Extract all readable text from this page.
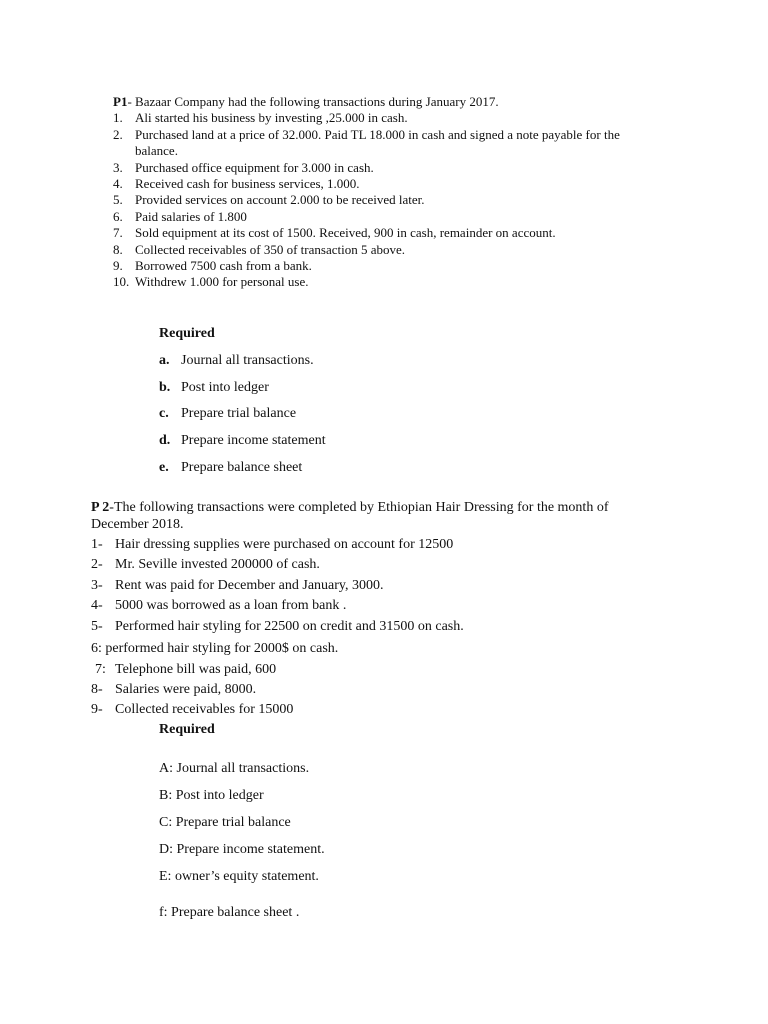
P1- Bazaar Company had the following transactions during January 2017.
1. Ali started his business by investing ,25.000 in cash.
2. Purchased land at a price of 32.000. Paid TL 18.000 in cash and signed a note payable for the
balance.
3. Purchased office equipment for 3.000 in cash.
4. Received cash for business services, 1.000.
5. Provided services on account 2.000 to be received later.
6. Paid salaries of 1.800
7. Sold equipment at its cost of 1500. Received, 900 in cash, remainder on account.
8. Collected receivables of 350 of transaction 5 above.
9. Borrowed 7500 cash from a bank.
10. Withdrew 1.000 for personal use.
Required
a. Journal all transactions.
b. Post into ledger
c. Prepare trial balance
d. Prepare income statement
e. Prepare balance sheet
P 2-The following transactions were completed by Ethiopian Hair Dressing for the month of
December 2018.
1- Hair dressing supplies were purchased on account for 12500
2- Mr. Seville invested 200000 of cash.
3- Rent was paid for December and January, 3000.
4- 5000 was borrowed as a loan from bank .
5- Performed hair styling for 22500 on credit and 31500 on cash.
6: performed hair styling for 2000$ on cash.
7: Telephone bill was paid, 600
8- Salaries were paid, 8000.
9- Collected receivables for 15000
Required
A: Journal all transactions.
B: Post into ledger
C: Prepare trial balance
D: Prepare income statement.
E: owner’s equity statement.
f: Prepare balance sheet .
